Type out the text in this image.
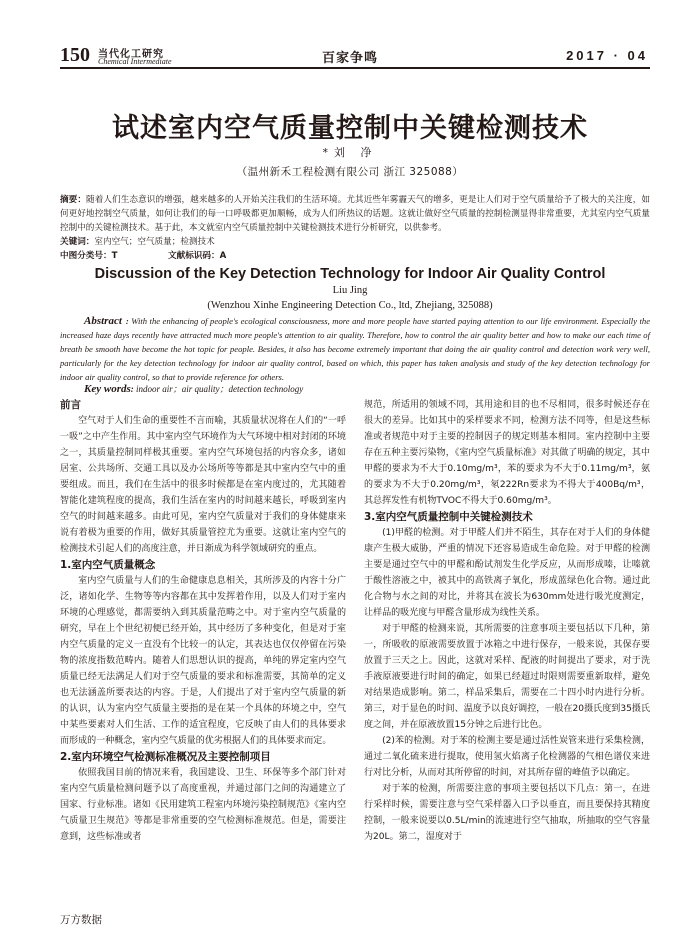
150 当代化工研究
Chemical Intermediate	百家争鸣	2017 · 04
试述室内空气质量控制中关键检测技术
*刘 净
（温州新禾工程检测有限公司 浙江 325088）
摘要：随着人们生态意识的增强，越来越多的人开始关注我们的生活环境。尤其近些年雾霾天气的增多，更是让人们对于空气质量给予了极大的关注度，如何更好地控制空气质量，如何让我们的每一口呼吸都更加顺畅，成为人们所热议的话题。这就让做好空气质量的控制检测显得非常重要，尤其室内空气质量控制中的关键检测技术。基于此，本文就室内空气质量控制中关键检测技术进行分析研究，以供参考。
关键词：室内空气；空气质量；检测技术
中图分类号：T	文献标识码：A
Discussion of the Key Detection Technology for Indoor Air Quality Control
Liu Jing
(Wenzhou Xinhe Engineering Detection Co., ltd, Zhejiang, 325088)
Abstract : With the enhancing of people's ecological consciousness, more and more people have started paying attention to our life environment. Especially the increased haze days recently have attracted much more people's attention to air quality. Therefore, how to control the air quality better and how to make our each time of breath be smooth have become the hot topic for people. Besides, it also has become extremely important that doing the air quality control and detection work very well, particularly for the key detection technology for indoor air quality control, based on which, this paper has taken analysis and study of the key detection technology for indoor air quality control, so that to provide reference for others.
Key words: indoor air；air quality；detection technology
前言

空气对于人们生命的重要性不言而喻，其质量状况将在人们的“一呼一吸”之中产生作用。其中室内空气环境作为大气环境中相对封闭的环境之一，其质量控制同样极其重要。室内空气环境包括的内容众多，诸如居室、公共场所、交通工具以及办公场所等等都是其中室内空气中的重要组成。而且，我们在生活中的很多时候都是在室内度过的，尤其随着智能化建筑程度的提高，我们生活在室内的时间越来越长，呼吸到室内空气的时间越来越多。由此可见，室内空气质量对于我们的身体健康来说有着极为重要的作用，做好其质量管控尤为重要。这就让室内空气的检测技术引起人们的高度注意，并日渐成为科学领域研究的重点。

1.室内空气质量概念

室内空气质量与人们的生命健康息息相关，其所涉及的内容十分广泛，诸如化学、生物等等内容都在其中发挥着作用，以及人们对于室内环境的心理感觉，都需要纳入到其质量范畴之中。对于室内空气质量的研究，早在上个世纪初便已经开始，其中经历了多种变化，但是对于室内空气质量的定义一直没有个比较一的认定，其表达也仅仅停留在污染物的浓度指数范畴内。随着人们思想认识的提高，单纯的界定室内空气质量已经无法满足人们对于空气质量的要求和标准需要，其简单的定义也无法涵盖所要表达的内容。于是，人们提出了对于室内空气质量的新的认识，认为室内空气质量主要指的是在某一个具体的环境之中，空气中某些要素对人们生活、工作的适宜程度，它反映了由人们的具体要求而形成的一种概念，室内空气质量的优劣根据人们的具体要求而定。

2.室内环境空气检测标准概况及主要控制项目

依照我国目前的情况来看，我国建设、卫生、环保等多个部门针对室内空气质量检测问题予以了高度重视，并通过部门之间的沟通建立了国家、行业标准。诸如《民用建筑工程室内环境污染控制规范》《室内空气质量卫生规范》等都是非常重要的空气检测标准规范。但是，需要注意到，这些标准或者

规范，所适用的领域不同，其用途和目的也不尽相同，很多时候还存在很大的差异。比如其中的采样要求不同，检测方法不同等，但是这些标准或者规范中对于主要的控制因子的规定则基本相同。室内控制中主要存在五种主要污染物，《室内空气质量标准》对其做了明确的规定，其中甲醛的要求为不大于0.10mg/m³，苯的要求为不大于0.11mg/m³，氨的要求为不大于0.20mg/m³，氡222Rn要求为不得大于400Bq/m³，其总挥发性有机物TVOC不得大于0.60mg/m³。

3.室内空气质量控制中关键检测技术

(1)甲醛的检测。对于甲醛人们并不陌生，其存在对于人们的身体健康产生极大威胁，严重的情况下还容易造成生命危险。对于甲醛的检测主要是通过空气中的甲醛和酚试剂发生化学反应，从而形成嗪，让嗪就于酸性溶液之中，被其中的高铁离子氧化，形成蓝绿色化合物。通过此化合物与水之间的对比，并将其在波长为630mm处进行吸光度测定，让样品的吸光度与甲醛含量形成为线性关系。

对于甲醛的检测来说，其所需要的注意事项主要包括以下几种，第一，所吸收的原液需要放置于冰箱之中进行保存，一般来说，其保存要放置于三天之上。因此，这就对采样、配液的时间提出了要求，对于洗手液原液要进行时间的确定，如果已经超过时限则需要重新取样，避免对结果造成影响。第二，样品采集后，需要在二十四小时内进行分析。第三，对于显色的时间、温度予以良好调控，一般在20摄氏度到35摄氏度之间，并在原液放置15分钟之后进行比色。

(2)苯的检测。对于苯的检测主要是通过活性炭管来进行采集检测，通过二氧化硫来进行提取，使用氢火焰离子化检测器的气相色谱仪来进行对比分析，从而对其所停留的时间，对其所存留的峰值予以确定。

对于苯的检测，所需要注意的事项主要包括以下几点：第一，在进行采样时候，需要注意与空气采样器入口予以垂直，而且要保持其精度控制，一般来说要以0.5L/min的流速进行空气抽取，所抽取的空气容量为20L。第二，湿度对于

万方数据
